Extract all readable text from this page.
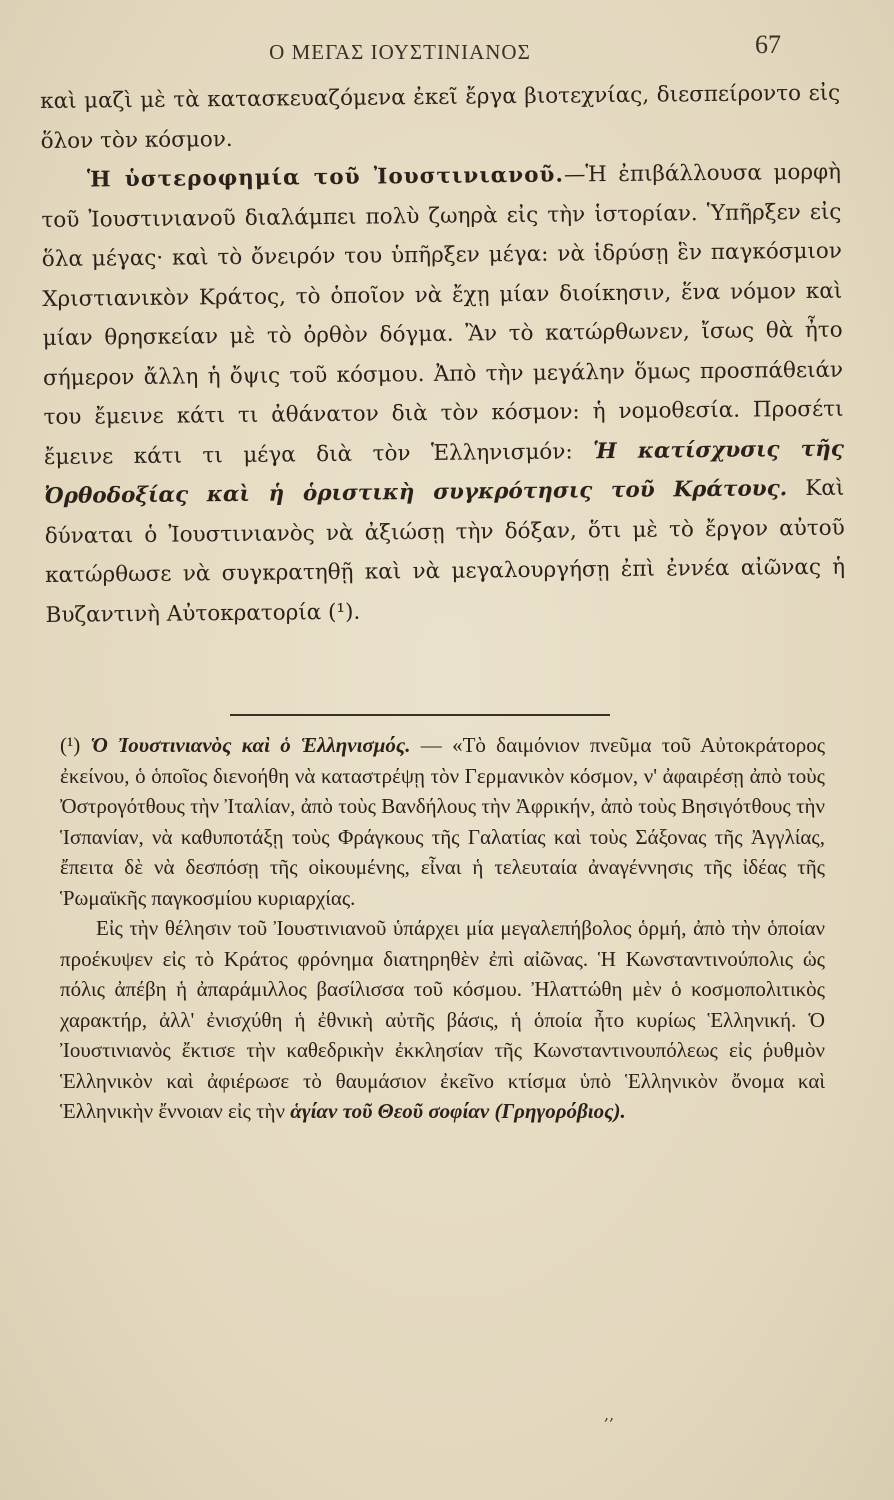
Ο ΜΕΓΑΣ ΙΟΥΣΤΙΝΙΑΝΟΣ	67

καὶ μαζὶ μὲ τὰ κατασκευαζόμενα ἐκεῖ ἔργα βιοτεχνίας, διεσπείροντο εἰς ὅλον τὸν κόσμον.

Ἡ ὑστεροφημία τοῦ Ἰουστινιανοῦ.—Ἡ ἐπιβάλλουσα μορφὴ τοῦ Ἰουστινιανοῦ διαλάμπει πολὺ ζωηρὰ εἰς τὴν ἱστορίαν. Ὑπῆρξεν εἰς ὅλα μέγας· καὶ τὸ ὄνειρόν του ὑπῆρξεν μέγα: νὰ ἱδρύσῃ ἓν παγκόσμιον Χριστιανικὸν Κράτος, τὸ ὁποῖον νὰ ἔχῃ μίαν διοίκησιν, ἕνα νόμον καὶ μίαν θρησκείαν μὲ τὸ ὀρθὸν δόγμα. Ἂν τὸ κατώρθωνεν, ἴσως θὰ ἦτο σήμερον ἄλλη ἡ ὄψις τοῦ κόσμου. Ἀπὸ τὴν μεγάλην ὅμως προσπάθειάν του ἔμεινε κάτι τι ἀθάνατον διὰ τὸν κόσμον: ἡ νομοθεσία. Προσέτι ἔμεινε κάτι τι μέγα διὰ τὸν Ἑλληνισμόν: Ἡ κατίσχυσις τῆς Ὀρθοδοξίας καὶ ἡ ὁριστικὴ συγκρότησις τοῦ Κράτους. Καὶ δύναται ὁ Ἰουστινιανὸς νὰ ἀξιώσῃ τὴν δόξαν, ὅτι μὲ τὸ ἔργον αὐτοῦ κατώρθωσε νὰ συγκρατηθῇ καὶ νὰ μεγαλουργήσῃ ἐπὶ ἐννέα αἰῶνας ἡ Βυζαντινὴ Αὐτοκρατορία (¹).

(¹) Ὁ Ἰουστινιανὸς καὶ ὁ Ἑλληνισμός. — «Τὸ δαιμόνιον πνεῦμα τοῦ Αὐτοκράτορος ἐκείνου, ὁ ὁποῖος διενοήθη νὰ καταστρέψῃ τὸν Γερμανικὸν κόσμον, ν' ἀφαιρέσῃ ἀπὸ τοὺς Ὀστρογότθους τὴν Ἰταλίαν, ἀπὸ τοὺς Βανδήλους τὴν Ἀφρικήν, ἀπὸ τοὺς Βησιγότθους τὴν Ἱσπανίαν, νὰ καθυποτάξῃ τοὺς Φράγκους τῆς Γαλατίας καὶ τοὺς Σάξονας τῆς Ἀγγλίας, ἔπειτα δὲ νὰ δεσπόσῃ τῆς οἰκουμένης, εἶναι ἡ τελευταία ἀναγέννησις τῆς ἰδέας τῆς Ῥωμαϊκῆς παγκοσμίου κυριαρχίας.

Εἰς τὴν θέλησιν τοῦ Ἰουστινιανοῦ ὑπάρχει μία μεγαλεπήβολος ὁρμή, ἀπὸ τὴν ὁποίαν προέκυψεν εἰς τὸ Κράτος φρόνημα διατηρηθὲν ἐπὶ αἰῶνας. Ἡ Κωνσταντινούπολις ὡς πόλις ἀπέβη ἡ ἀπαράμιλλος βασίλισσα τοῦ κόσμου. Ἠλαττώθη μὲν ὁ κοσμοπολιτικὸς χαρακτήρ, ἀλλ' ἐνισχύθη ἡ ἐθνικὴ αὐτῆς βάσις, ἡ ὁποία ἦτο κυρίως Ἑλληνική. Ὁ Ἰουστινιανὸς ἔκτισε τὴν καθεδρικὴν ἐκκλησίαν τῆς Κωνσταντινουπόλεως εἰς ῥυθμὸν Ἑλληνικὸν καὶ ἀφιέρωσε τὸ θαυμάσιον ἐκεῖνο κτίσμα ὑπὸ Ἑλληνικὸν ὄνομα καὶ Ἑλληνικὴν ἔννοιαν εἰς τὴν ἁγίαν τοῦ Θεοῦ σοφίαν (Γρηγορόβιος).

,,
